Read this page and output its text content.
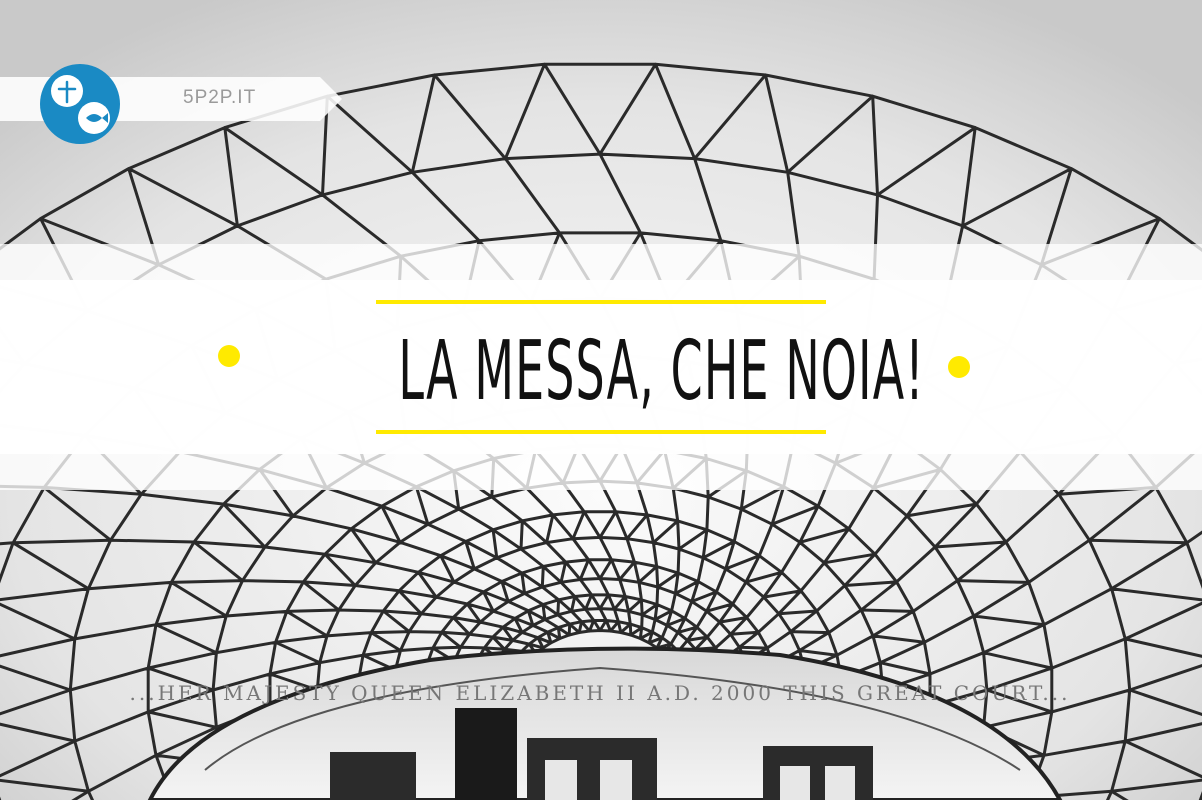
...HER MAJESTY QUEEN ELIZABETH II A.D. 2000 THIS GREAT COURT...
LA MESSA, CHE NOIA!
5P2P.IT
